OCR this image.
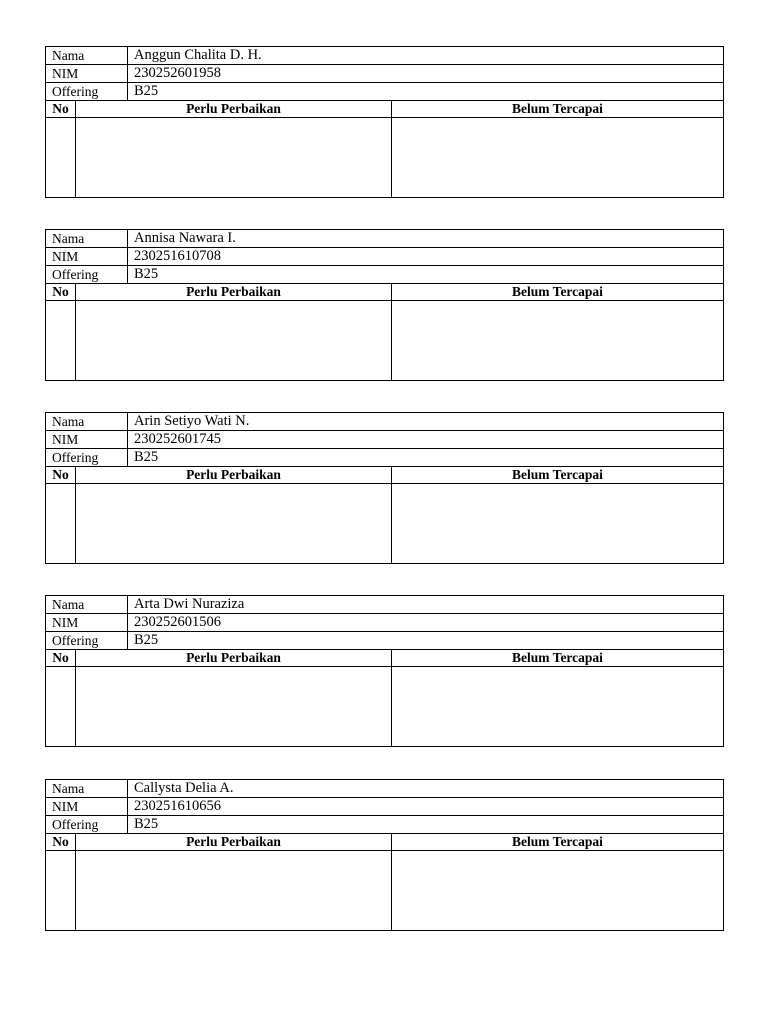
Nama	Anggun Chalita D. H.
NIM	230252601958
Offering	B25
No	Perlu Perbaikan	Belum Tercapai

Nama	Annisa Nawara I.
NIM	230251610708
Offering	B25
No	Perlu Perbaikan	Belum Tercapai

Nama	Arin Setiyo Wati N.
NIM	230252601745
Offering	B25
No	Perlu Perbaikan	Belum Tercapai

Nama	Arta Dwi Nuraziza
NIM	230252601506
Offering	B25
No	Perlu Perbaikan	Belum Tercapai

Nama	Callysta Delia A.
NIM	230251610656
Offering	B25
No	Perlu Perbaikan	Belum Tercapai
